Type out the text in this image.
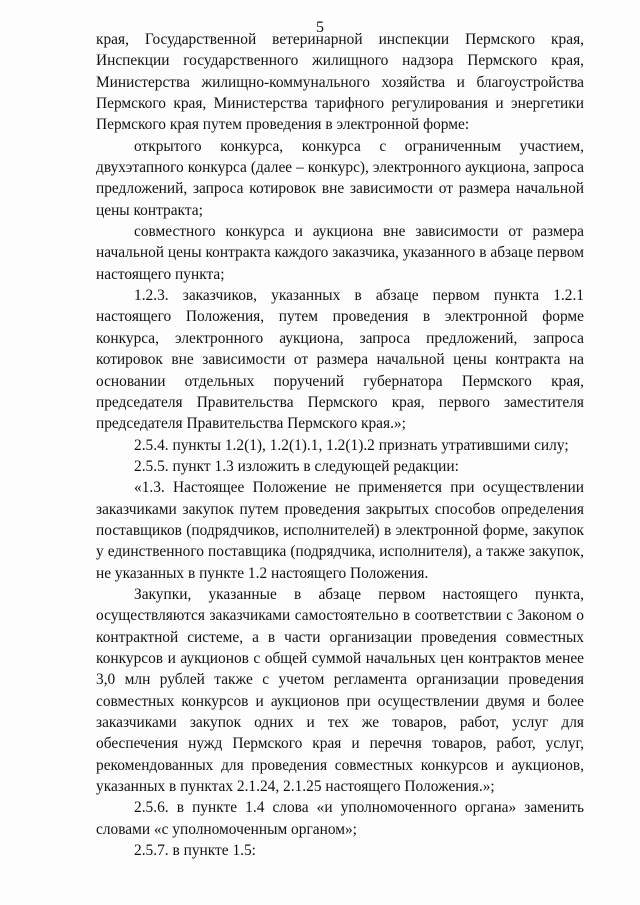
5

края, Государственной ветеринарной инспекции Пермского края, Инспекции государственного жилищного надзора Пермского края, Министерства жилищно-коммунального хозяйства и благоустройства Пермского края, Министерства тарифного регулирования и энергетики Пермского края путем проведения в электронной форме:

открытого конкурса, конкурса с ограниченным участием, двухэтапного конкурса (далее – конкурс), электронного аукциона, запроса предложений, запроса котировок вне зависимости от размера начальной цены контракта;

совместного конкурса и аукциона вне зависимости от размера начальной цены контракта каждого заказчика, указанного в абзаце первом настоящего пункта;

1.2.3. заказчиков, указанных в абзаце первом пункта 1.2.1 настоящего Положения, путем проведения в электронной форме конкурса, электронного аукциона, запроса предложений, запроса котировок вне зависимости от размера начальной цены контракта на основании отдельных поручений губернатора Пермского края, председателя Правительства Пермского края, первого заместителя председателя Правительства Пермского края.»;

2.5.4. пункты 1.2(1), 1.2(1).1, 1.2(1).2 признать утратившими силу;

2.5.5. пункт 1.3 изложить в следующей редакции:

«1.3. Настоящее Положение не применяется при осуществлении заказчиками закупок путем проведения закрытых способов определения поставщиков (подрядчиков, исполнителей) в электронной форме, закупок у единственного поставщика (подрядчика, исполнителя), а также закупок, не указанных в пункте 1.2 настоящего Положения.

Закупки, указанные в абзаце первом настоящего пункта, осуществляются заказчиками самостоятельно в соответствии с Законом о контрактной системе, а в части организации проведения совместных конкурсов и аукционов с общей суммой начальных цен контрактов менее 3,0 млн рублей также с учетом регламента организации проведения совместных конкурсов и аукционов при осуществлении двумя и более заказчиками закупок одних и тех же товаров, работ, услуг для обеспечения нужд Пермского края и перечня товаров, работ, услуг, рекомендованных для проведения совместных конкурсов и аукционов, указанных в пунктах 2.1.24, 2.1.25 настоящего Положения.»;

2.5.6. в пункте 1.4 слова «и уполномоченного органа» заменить словами «с уполномоченным органом»;

2.5.7. в пункте 1.5:
